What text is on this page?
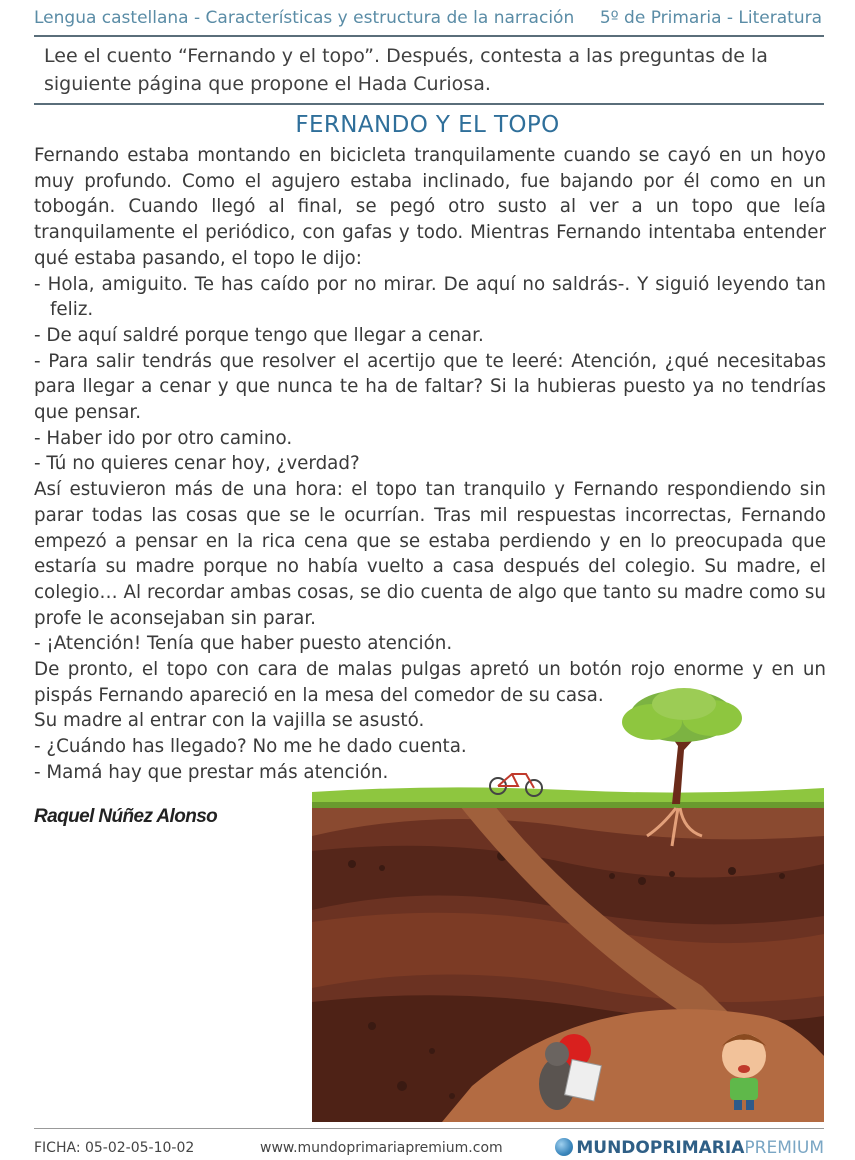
Lengua castellana - Características y estructura de la narración 5º de Primaria - Literatura
Lee el cuento “Fernando y el topo”. Después, contesta a las preguntas de la siguiente página que propone el Hada Curiosa.
FERNANDO Y EL TOPO

Fernando estaba montando en bicicleta tranquilamente cuando se cayó en un hoyo muy profundo. Como el agujero estaba inclinado, fue bajando por él como en un tobogán. Cuando llegó al final, se pegó otro susto al ver a un topo que leía tranquilamente el periódico, con gafas y todo. Mientras Fernando intentaba entender qué estaba pasando, el topo le dijo:

- Hola, amiguito. Te has caído por no mirar. De aquí no saldrás-. Y siguió leyendo tan feliz.

- De aquí saldré porque tengo que llegar a cenar.

- Para salir tendrás que resolver el acertijo que te leeré: Atención, ¿qué necesitabas para llegar a cenar y que nunca te ha de faltar? Si la hubieras puesto ya no tendrías que pensar.

- Haber ido por otro camino.

- Tú no quieres cenar hoy, ¿verdad?

Así estuvieron más de una hora: el topo tan tranquilo y Fernando respondiendo sin parar todas las cosas que se le ocurrían. Tras mil respuestas incorrectas, Fernando empezó a pensar en la rica cena que se estaba perdiendo y en lo preocupada que estaría su madre porque no había vuelto a casa después del colegio. Su madre, el colegio… Al recordar ambas cosas, se dio cuenta de algo que tanto su madre como su profe le aconsejaban sin parar.

- ¡Atención! Tenía que haber puesto atención.

De pronto, el topo con cara de malas pulgas apretó un botón rojo enorme y en un pispás Fernando apareció en la mesa del comedor de su casa.

Su madre al entrar con la vajilla se asustó.

- ¿Cuándo has llegado? No me he dado cuenta.

- Mamá hay que prestar más atención.

Raquel Núñez Alonso
FICHA: 05-02-05-10-02	www.mundoprimariapremium.com	MUNDOPRIMARIAPREMIUM
